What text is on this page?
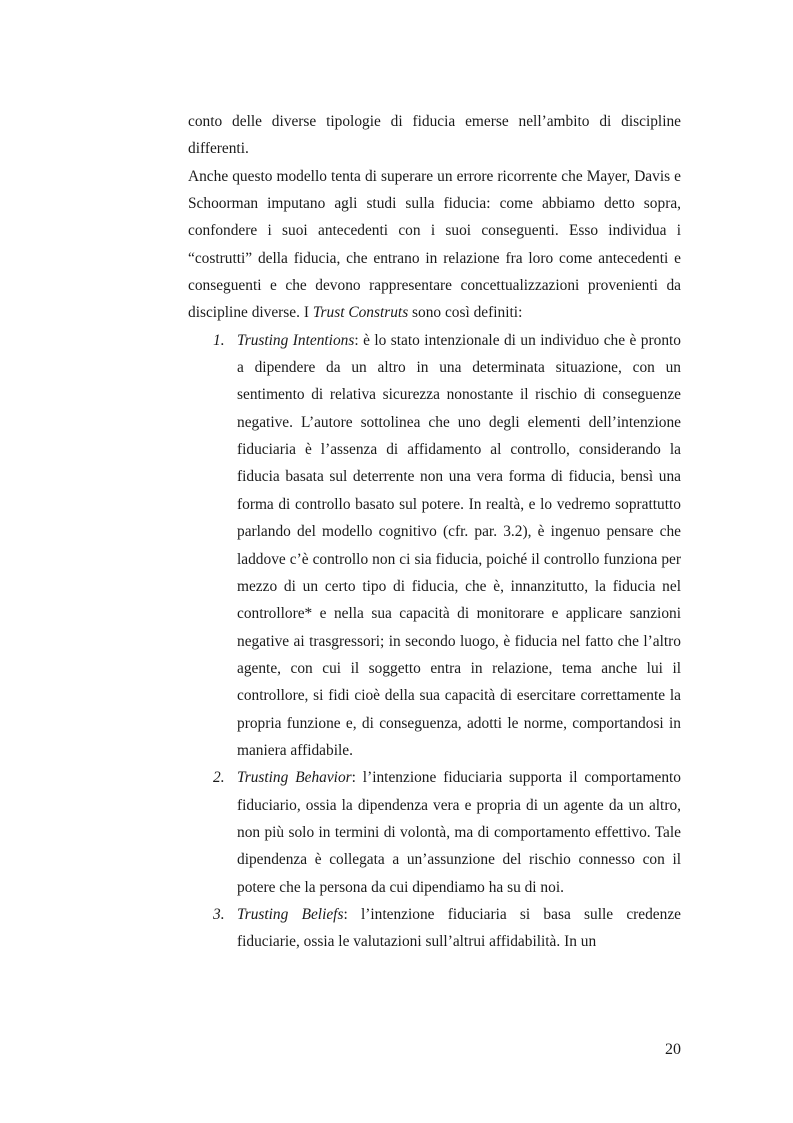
conto delle diverse tipologie di fiducia emerse nell’ambito di discipline differenti.

Anche questo modello tenta di superare un errore ricorrente che Mayer, Davis e Schoorman imputano agli studi sulla fiducia: come abbiamo detto sopra, confondere i suoi antecedenti con i suoi conseguenti. Esso individua i “costrutti” della fiducia, che entrano in relazione fra loro come antecedenti e conseguenti e che devono rappresentare concettualizzazioni provenienti da discipline diverse. I Trust Construts sono così definiti:

1. Trusting Intentions: è lo stato intenzionale di un individuo che è pronto a dipendere da un altro in una determinata situazione, con un sentimento di relativa sicurezza nonostante il rischio di conseguenze negative. L’autore sottolinea che uno degli elementi dell’intenzione fiduciaria è l’assenza di affidamento al controllo, considerando la fiducia basata sul deterrente non una vera forma di fiducia, bensì una forma di controllo basato sul potere. In realtà, e lo vedremo soprattutto parlando del modello cognitivo (cfr. par. 3.2), è ingenuo pensare che laddove c’è controllo non ci sia fiducia, poiché il controllo funziona per mezzo di un certo tipo di fiducia, che è, innanzitutto, la fiducia nel controllore* e nella sua capacità di monitorare e applicare sanzioni negative ai trasgressori; in secondo luogo, è fiducia nel fatto che l’altro agente, con cui il soggetto entra in relazione, tema anche lui il controllore, si fidi cioè della sua capacità di esercitare correttamente la propria funzione e, di conseguenza, adotti le norme, comportandosi in maniera affidabile.
2. Trusting Behavior: l’intenzione fiduciaria supporta il comportamento fiduciario, ossia la dipendenza vera e propria di un agente da un altro, non più solo in termini di volontà, ma di comportamento effettivo. Tale dipendenza è collegata a un’assunzione del rischio connesso con il potere che la persona da cui dipendiamo ha su di noi.
3. Trusting Beliefs: l’intenzione fiduciaria si basa sulle credenze fiduciarie, ossia le valutazioni sull’altrui affidabilità. In un
20
